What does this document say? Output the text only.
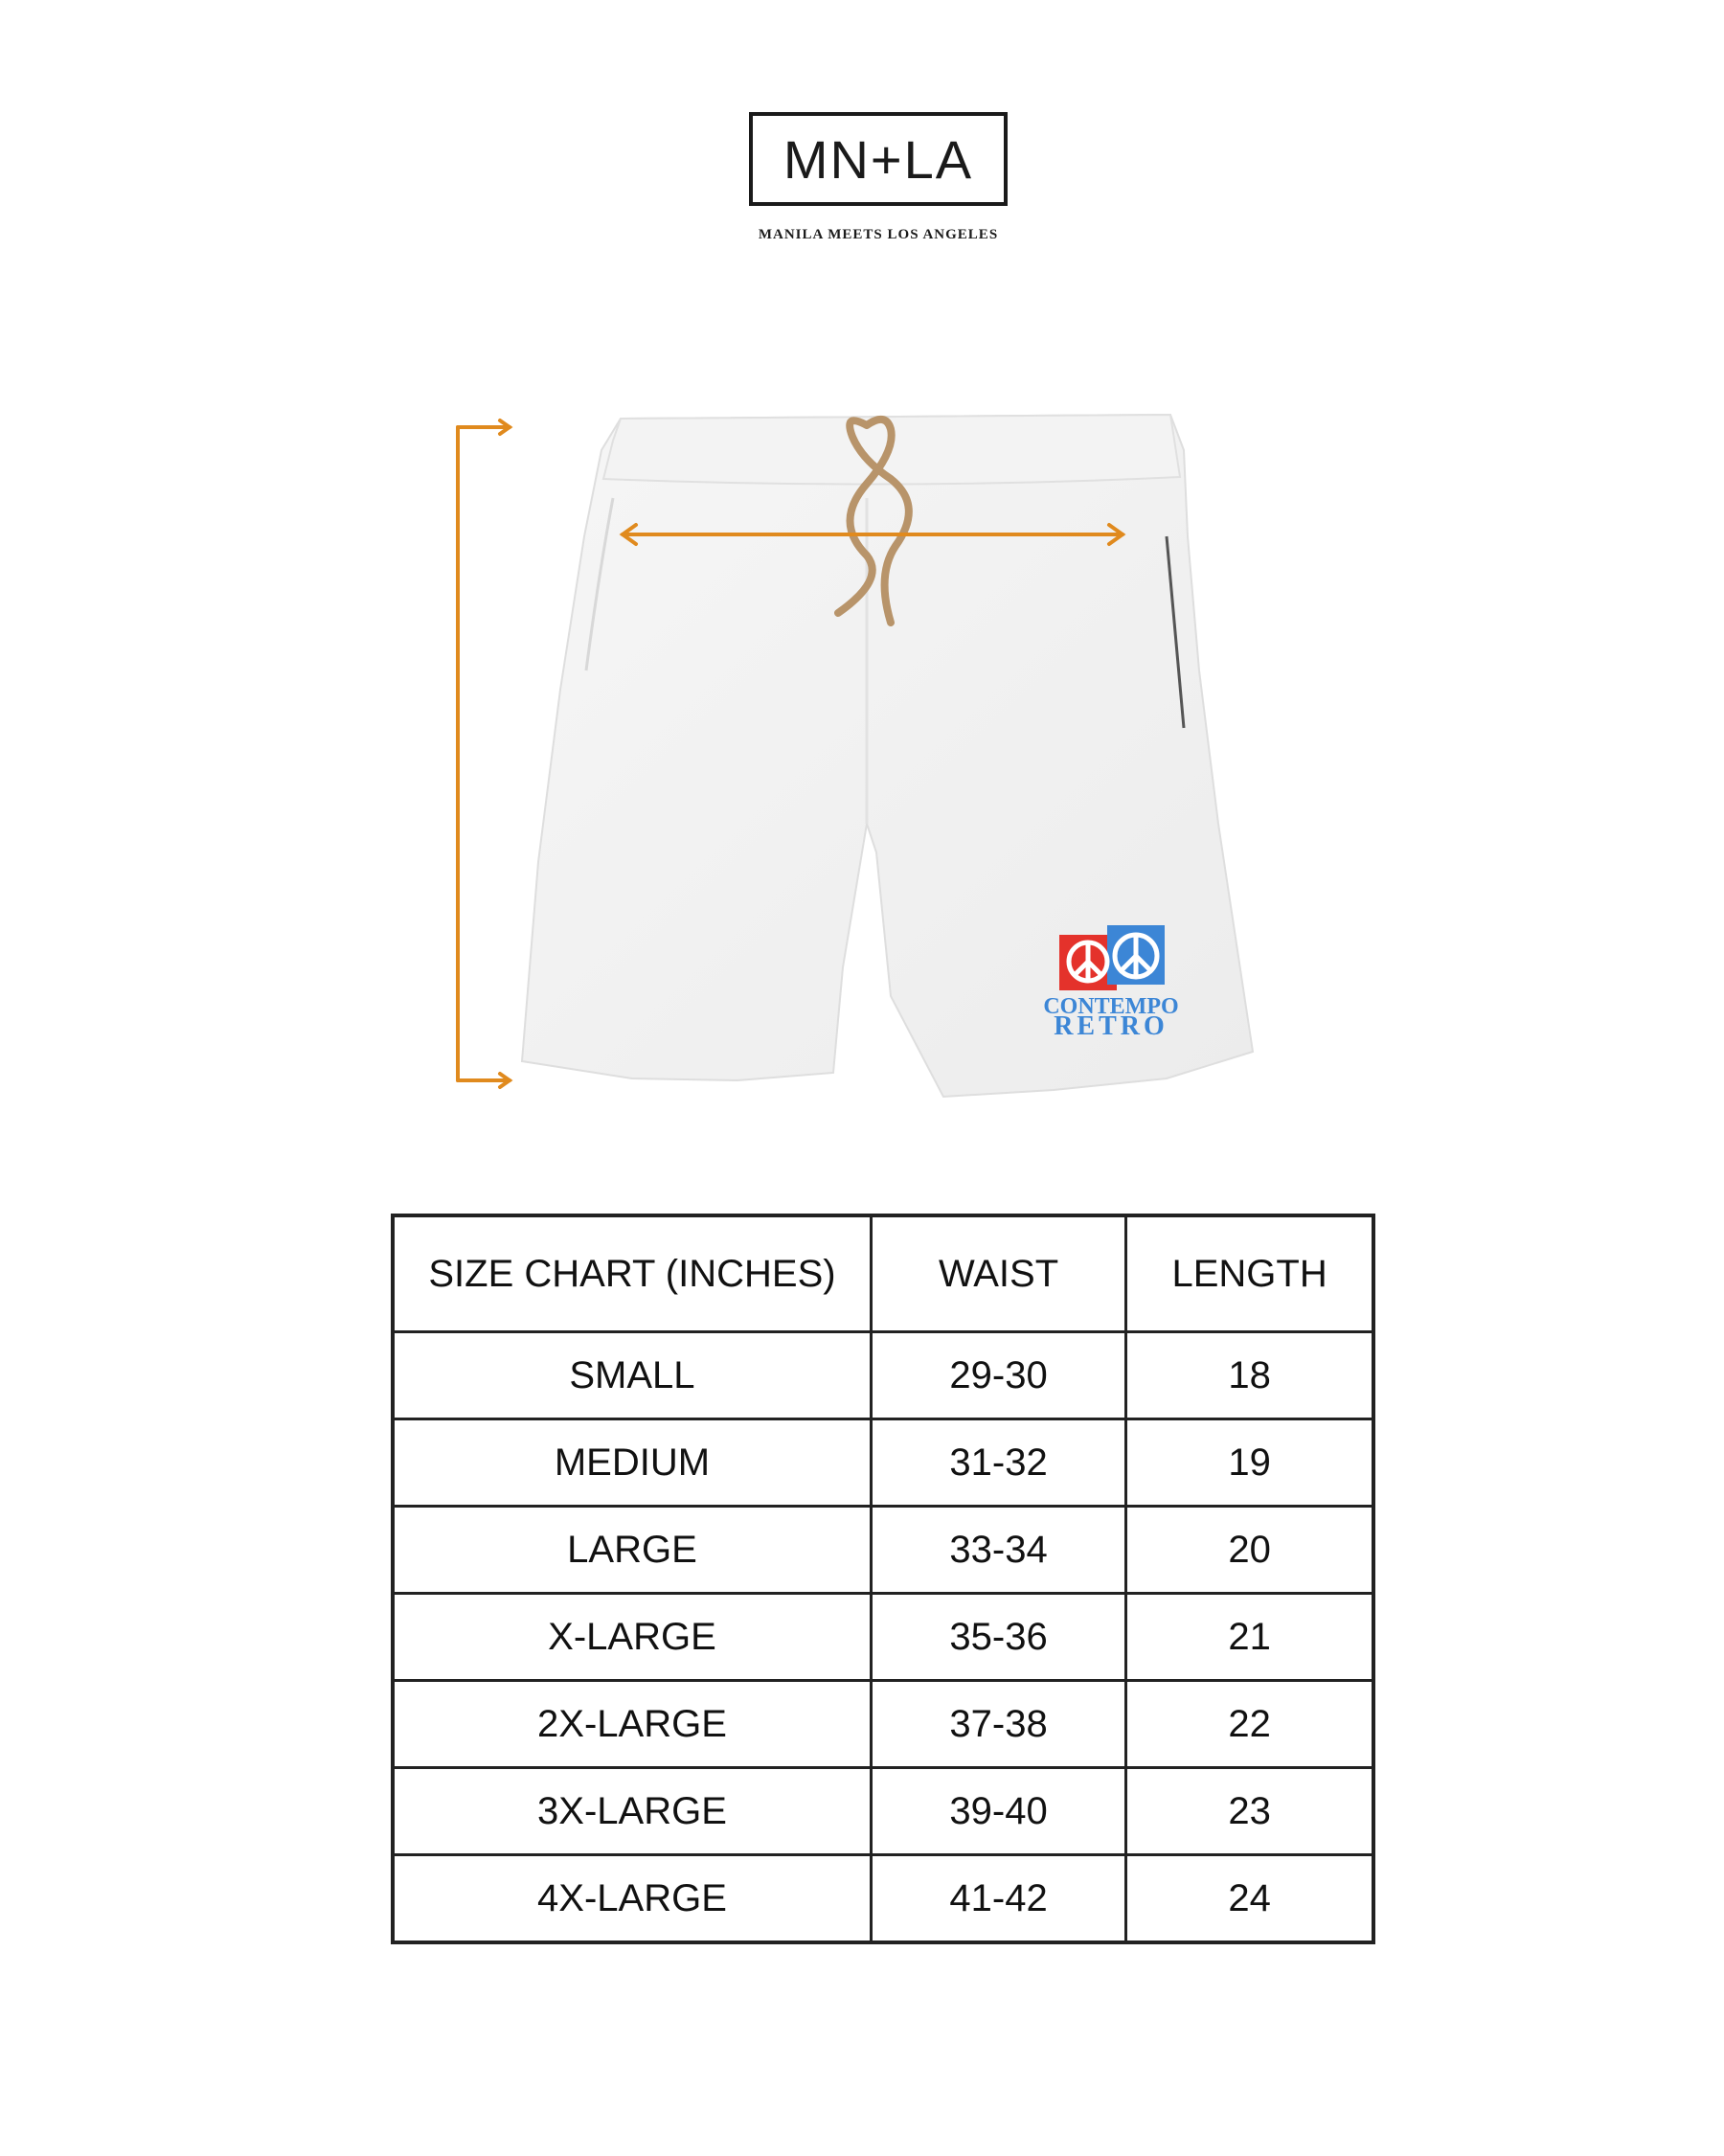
MN+LA
MANILA MEETS LOS ANGELES
CONTEMPO
RETRO
SIZE CHART (INCHES)	WAIST	LENGTH
SMALL	29-30	18
MEDIUM	31-32	19
LARGE	33-34	20
X-LARGE	35-36	21
2X-LARGE	37-38	22
3X-LARGE	39-40	23
4X-LARGE	41-42	24
